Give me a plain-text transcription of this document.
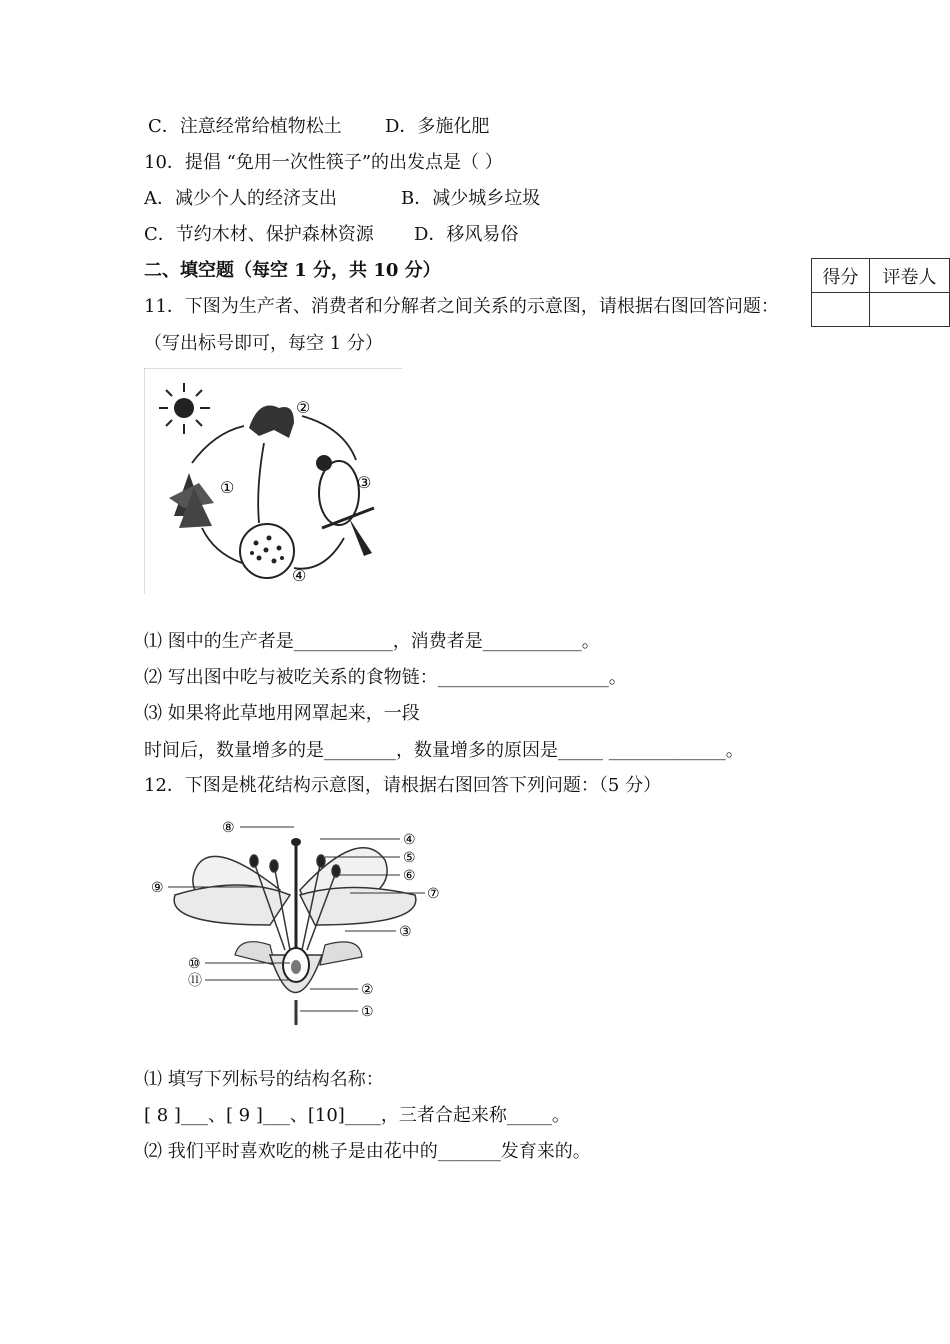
C．注意经常给植物松土 D．多施化肥
10．提倡 “免用一次性筷子”的出发点是（ ）
A．减少个人的经济支出	B．减少城乡垃圾
C．节约木材、保护森林资源 D．移风易俗
二、填空题（每空 1 分，共 10 分）	得分	评卷人

11．下图为生产者、消费者和分解者之间关系的示意图，请根据右图回答问题：
（写出标号即可，每空 1 分）
①
②
③
④
⑴ 图中的生产者是___________，消费者是___________。
⑵ 写出图中吃与被吃关系的食物链：___________________。
⑶ 如果将此草地用网罩起来，一段
时间后，数量增多的是________，数量增多的原因是_____ _____________。
12．下图是桃花结构示意图，请根据右图回答下列问题：（5 分）
⑧
⑨
⑩
⑪
④
⑤
⑥
⑦
③
②
①
⑴ 填写下列标号的结构名称：
[ 8 ]___、[ 9 ]___、[10]____，三者合起来称_____。
⑵ 我们平时喜欢吃的桃子是由花中的_______发育来的。
